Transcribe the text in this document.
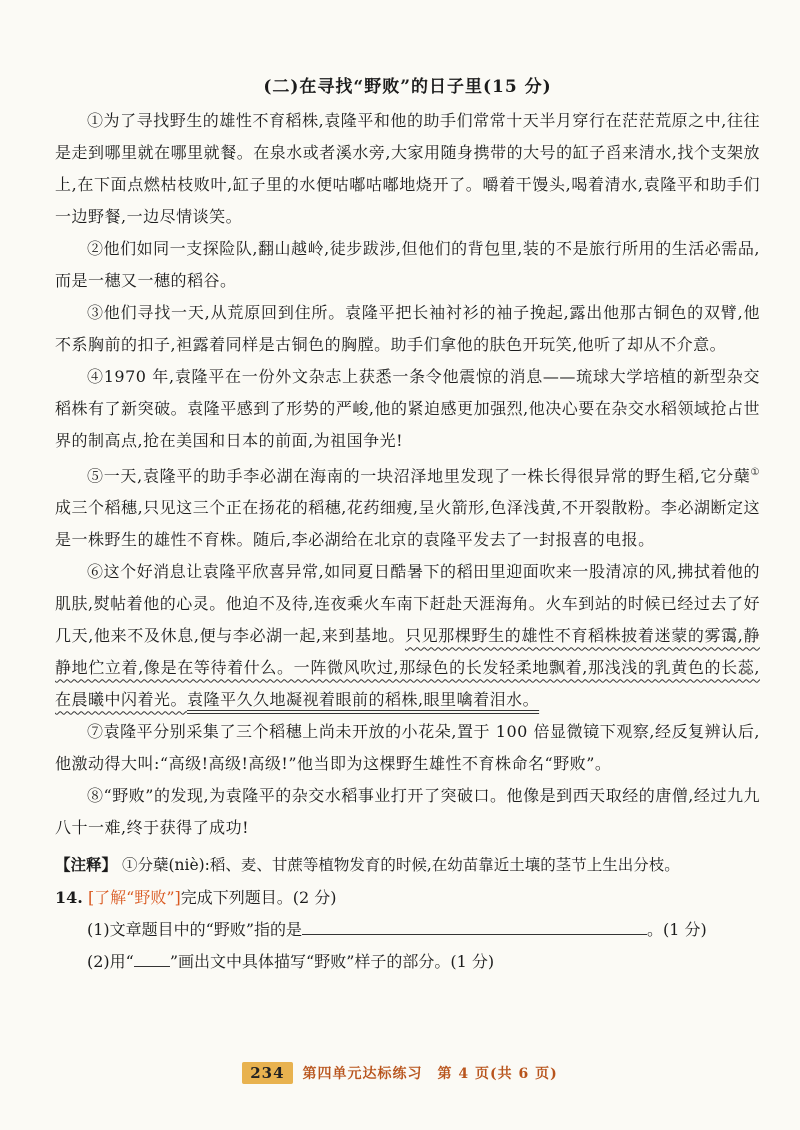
(二)在寻找“野败”的日子里(15 分)

①为了寻找野生的雄性不育稻株,袁隆平和他的助手们常常十天半月穿行在茫茫荒原之中,往往是走到哪里就在哪里就餐。在泉水或者溪水旁,大家用随身携带的大号的缸子舀来清水,找个支架放上,在下面点燃枯枝败叶,缸子里的水便咕嘟咕嘟地烧开了。嚼着干馒头,喝着清水,袁隆平和助手们一边野餐,一边尽情谈笑。

②他们如同一支探险队,翻山越岭,徒步跋涉,但他们的背包里,装的不是旅行所用的生活必需品,而是一穗又一穗的稻谷。

③他们寻找一天,从荒原回到住所。袁隆平把长袖衬衫的袖子挽起,露出他那古铜色的双臂,他不系胸前的扣子,袒露着同样是古铜色的胸膛。助手们拿他的肤色开玩笑,他听了却从不介意。

④1970 年,袁隆平在一份外文杂志上获悉一条令他震惊的消息——琉球大学培植的新型杂交稻株有了新突破。袁隆平感到了形势的严峻,他的紧迫感更加强烈,他决心要在杂交水稻领域抢占世界的制高点,抢在美国和日本的前面,为祖国争光!

⑤一天,袁隆平的助手李必湖在海南的一块沼泽地里发现了一株长得很异常的野生稻,它分蘖①成三个稻穗,只见这三个正在扬花的稻穗,花药细瘦,呈火箭形,色泽浅黄,不开裂散粉。李必湖断定这是一株野生的雄性不育株。随后,李必湖给在北京的袁隆平发去了一封报喜的电报。

⑥这个好消息让袁隆平欣喜异常,如同夏日酷暑下的稻田里迎面吹来一股清凉的风,拂拭着他的肌肤,熨帖着他的心灵。他迫不及待,连夜乘火车南下赶赴天涯海角。火车到站的时候已经过去了好几天,他来不及休息,便与李必湖一起,来到基地。只见那棵野生的雄性不育稻株披着迷蒙的雾霭,静静地伫立着,像是在等待着什么。一阵微风吹过,那绿色的长发轻柔地飘着,那浅浅的乳黄色的长蕊,在晨曦中闪着光。袁隆平久久地凝视着眼前的稻株,眼里噙着泪水。

⑦袁隆平分别采集了三个稻穗上尚未开放的小花朵,置于 100 倍显微镜下观察,经反复辨认后,他激动得大叫:“高级!高级!高级!”他当即为这棵野生雄性不育株命名“野败”。

⑧“野败”的发现,为袁隆平的杂交水稻事业打开了突破口。他像是到西天取经的唐僧,经过九九八十一难,终于获得了成功!

【注释】 ①分蘖(niè):稻、麦、甘蔗等植物发育的时候,在幼苗靠近土壤的茎节上生出分枝。
14. [了解“野败”]完成下列题目。(2 分)
(1)文章题目中的“野败”指的是	。(1 分)
(2)用“ ”画出文中具体描写“野败”样子的部分。(1 分)
234 第四单元达标练习　第 4 页(共 6 页)
